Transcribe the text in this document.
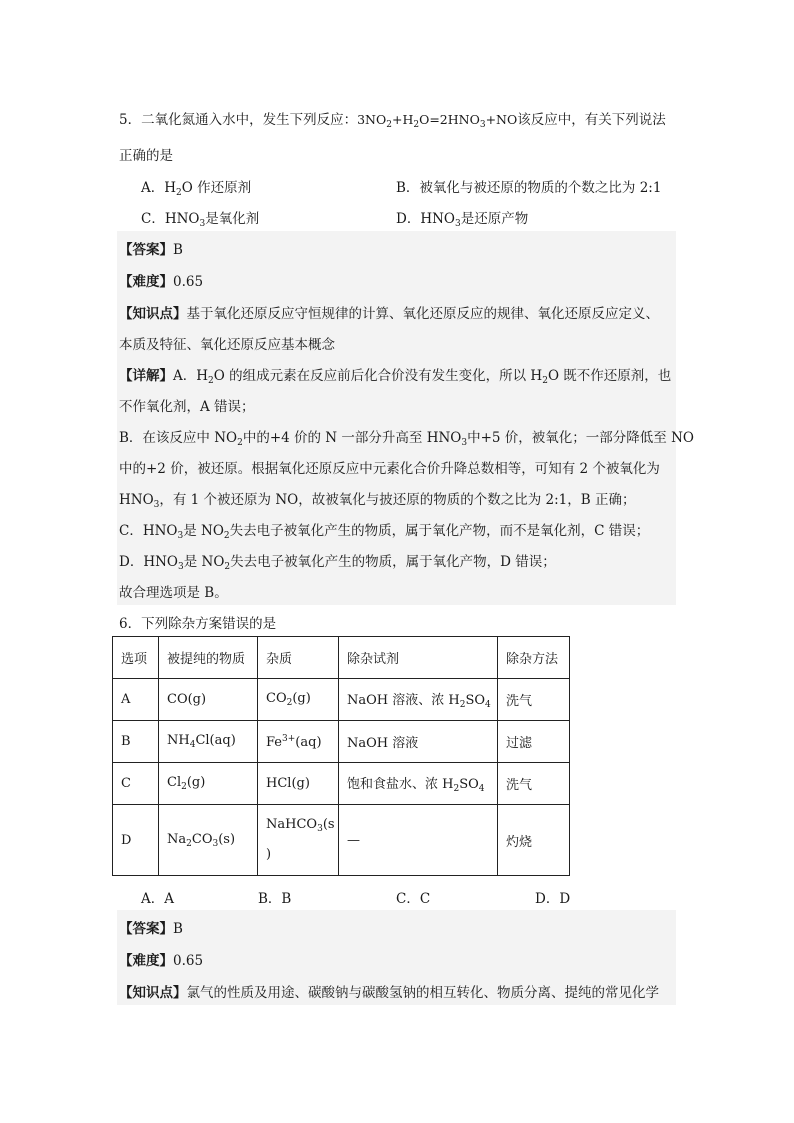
5．二氧化氮通入水中，发生下列反应：$3NO_2+H_2O=2HNO_3+NO$该反应中，有关下列说法
正确的是
A．$H_2O$ 作还原剂	B．被氧化与被还原的物质的个数之比为 2:1
C．$HNO_3$是氧化剂	D．$HNO_3$是还原产物
【答案】B
【难度】0.65
【知识点】基于氧化还原反应守恒规律的计算、氧化还原反应的规律、氧化还原反应定义、
本质及特征、氧化还原反应基本概念
【详解】A．$H_2O$ 的组成元素在反应前后化合价没有发生变化，所以 $H_2O$ 既不作还原剂，也
不作氧化剂，A 错误；
B．在该反应中 $NO_2$中的+4 价的 N 一部分升高至 $HNO_3$中+5 价，被氧化；一部分降低至 NO
中的+2 价，被还原。根据氧化还原反应中元素化合价升降总数相等，可知有 2 个被氧化为
$HNO_3$，有 1 个被还原为 NO，故被氧化与披还原的物质的个数之比为 2:1，B 正确；
C．$HNO_3$是 $NO_2$失去电子被氧化产生的物质，属于氧化产物，而不是氧化剂，C 错误；
D．$HNO_3$是 $NO_2$失去电子被氧化产生的物质，属于氧化产物，D 错误；
故合理选项是 B。
6．下列除杂方案错误的是
选项	被提纯的物质	杂质	除杂试剂	除杂方法
A	CO(g)	$CO_2(g)$	NaOH 溶液、浓 $H_2SO_4$	洗气
B	$NH_4Cl(aq)$	$Fe^{3+}(aq)$	NaOH 溶液	过滤
C	$Cl_2(g)$	HCl(g)	饱和食盐水、浓 $H_2SO_4$	洗气
D	$Na_2CO_3(s)$	NaHCO$_3$(s
)	—	灼烧
A．A	B．B	C．C	D．D
【答案】B
【难度】0.65
【知识点】氯气的性质及用途、碳酸钠与碳酸氢钠的相互转化、物质分离、提纯的常见化学
